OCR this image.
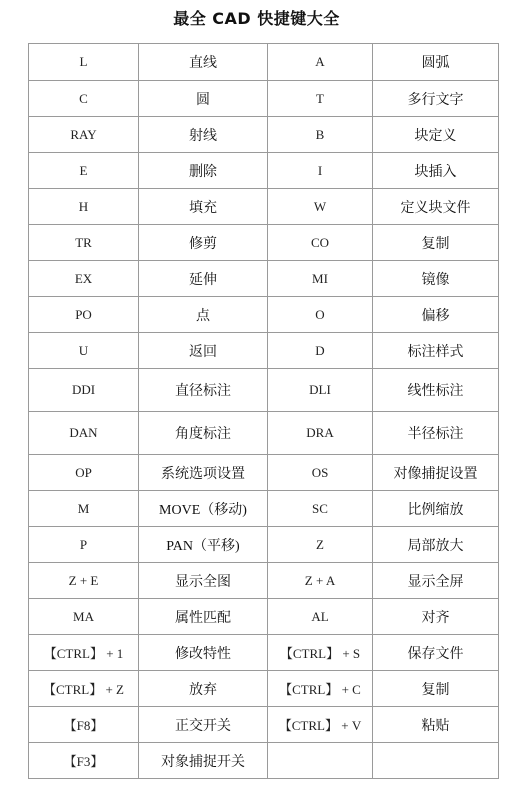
最全 CAD 快捷键大全
L	直线	A	圆弧
C	圆	T	多行文字
RAY	射线	B	块定义
E	删除	I	块插入
H	填充	W	定义块文件
TR	修剪	CO	复制
EX	延伸	MI	镜像
PO	点	O	偏移
U	返回	D	标注样式
DDI	直径标注	DLI	线性标注
DAN	角度标注	DRA	半径标注
OP	系统选项设置	OS	对像捕捉设置
M	MOVE（移动)	SC	比例缩放
P	PAN（平移)	Z	局部放大
Z + E	显示全图	Z + A	显示全屏
MA	属性匹配	AL	对齐
【CTRL】 + 1	修改特性	【CTRL】 + S	保存文件
【CTRL】 + Z	放弃	【CTRL】 + C	复制
【F8】	正交开关	【CTRL】 + V	粘贴
【F3】	对象捕捉开关		
